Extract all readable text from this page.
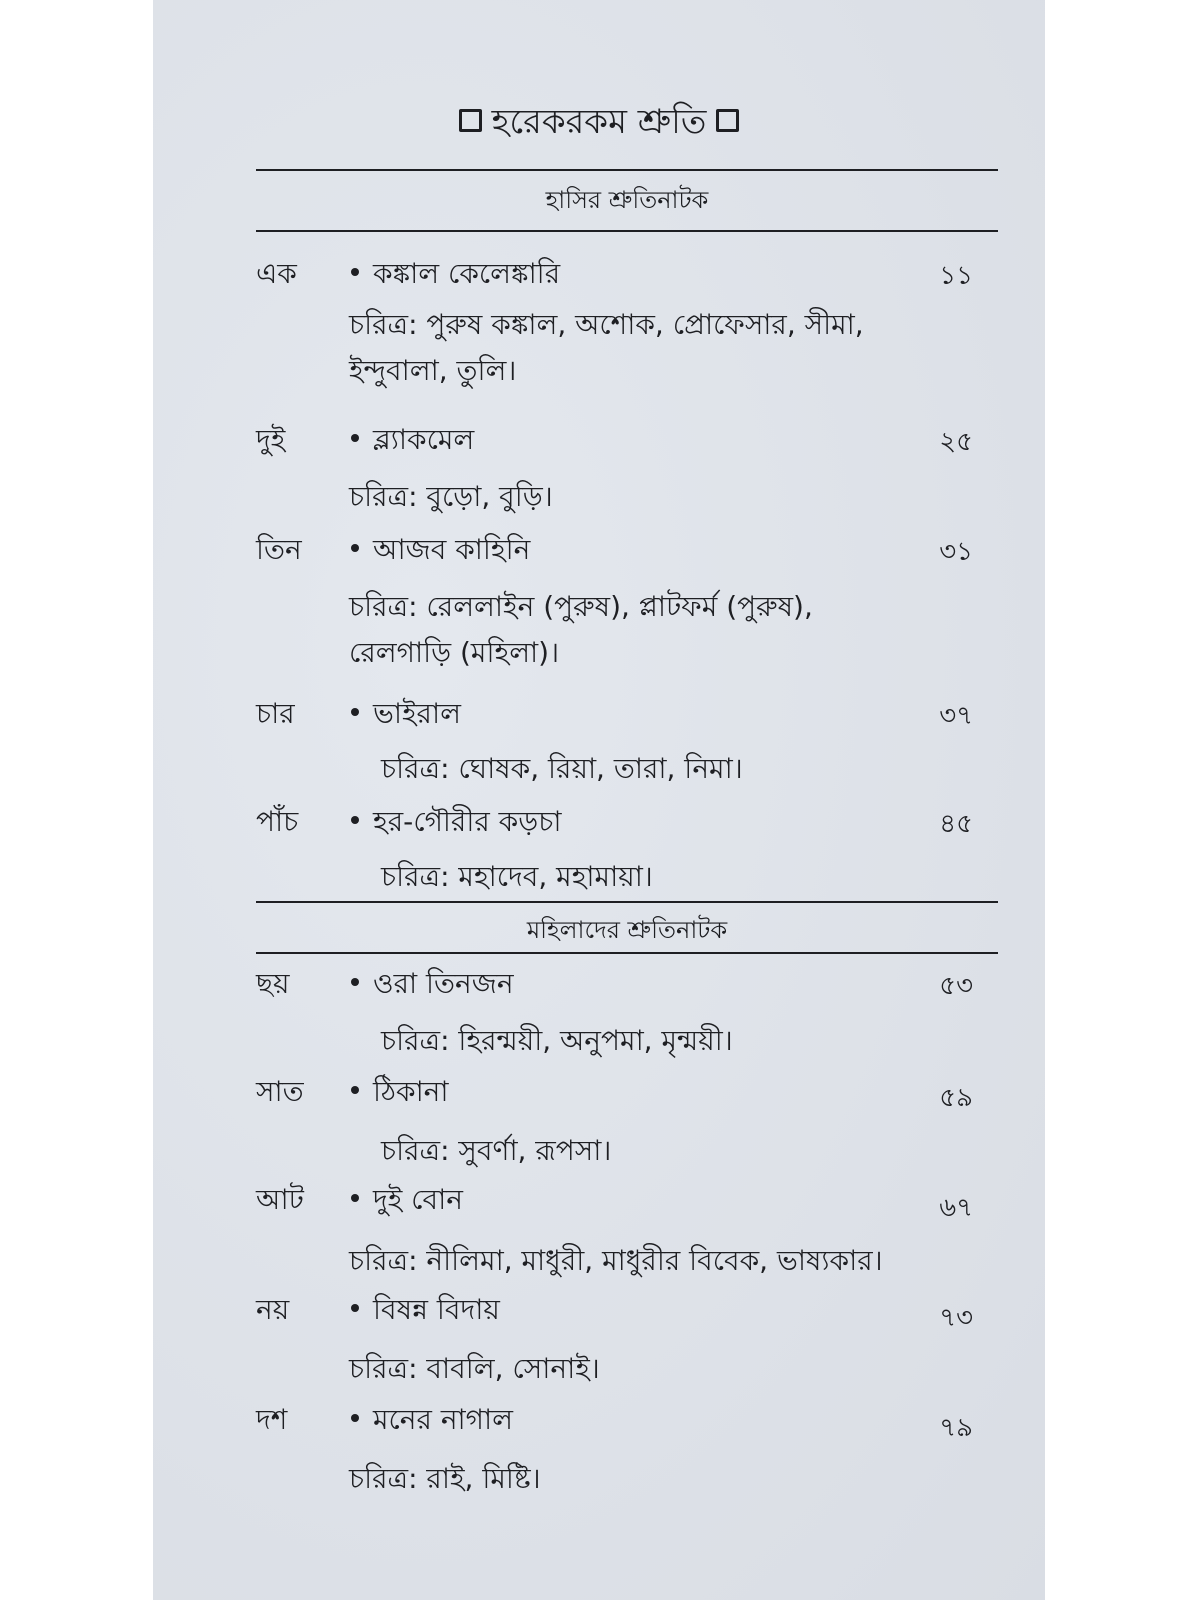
হরেকরকম শ্রুতি
হাসির শ্রুতিনাটক
এক	কঙ্কাল কেলেঙ্কারি	১১
চরিত্র: পুরুষ কঙ্কাল, অশোক, প্রোফেসার, সীমা, ইন্দুবালা, তুলি।
দুই	ব্ল্যাকমেল	২৫
চরিত্র: বুড়ো, বুড়ি।
তিন	আজব কাহিনি	৩১
চরিত্র: রেললাইন (পুরুষ), প্লাটফর্ম (পুরুষ), রেলগাড়ি (মহিলা)।
চার	ভাইরাল	৩৭
চরিত্র: ঘোষক, রিয়া, তারা, নিমা।
পাঁচ	হর-গৌরীর কড়চা	৪৫
চরিত্র: মহাদেব, মহামায়া।
মহিলাদের শ্রুতিনাটক
ছয়	ওরা তিনজন	৫৩
চরিত্র: হিরন্ময়ী, অনুপমা, মৃন্ময়ী।
সাত	ঠিকানা	৫৯
চরিত্র: সুবর্ণা, রূপসা।
আট	দুই বোন	৬৭
চরিত্র: নীলিমা, মাধুরী, মাধুরীর বিবেক, ভাষ্যকার।
নয়	বিষন্ন বিদায়	৭৩
চরিত্র: বাবলি, সোনাই।
দশ	মনের নাগাল	৭৯
চরিত্র: রাই, মিষ্টি।
